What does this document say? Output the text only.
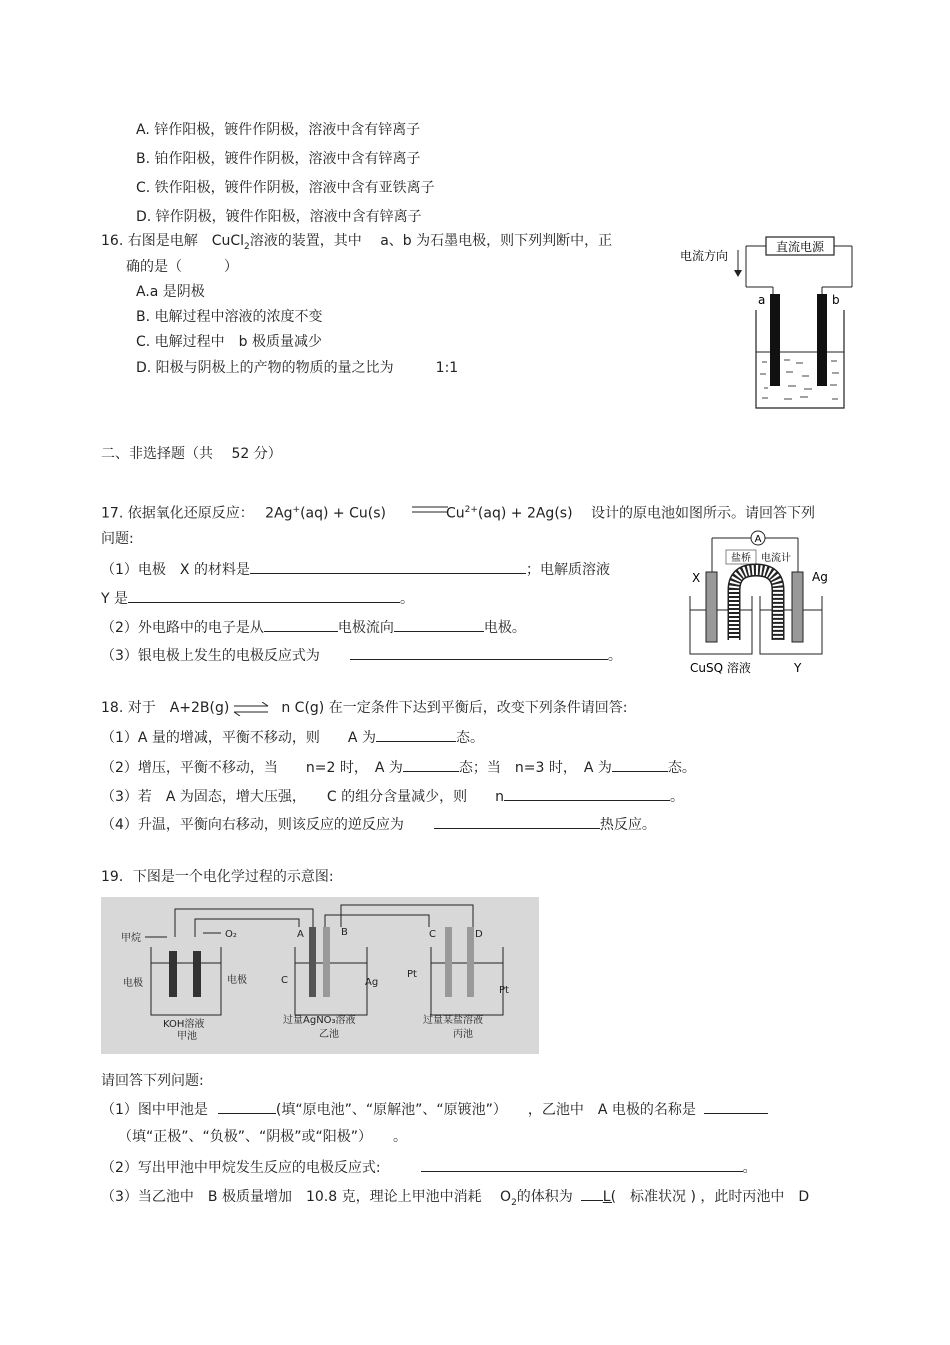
A. 锌作阳极，镀件作阴极，溶液中含有锌离子
B. 铂作阳极，镀件作阴极，溶液中含有锌离子
C. 铁作阳极，镀件作阴极，溶液中含有亚铁离子
D. 锌作阴极，镀件作阳极，溶液中含有锌离子
16. 右图是电解　CuCl$_2$溶液的装置，其中　 a、b 为石墨电极，则下列判断中，正
确的是（　　　）
A.a 是阴极
B. 电解过程中溶液的浓度不变
C. 电解过程中　b 极质量减少
D. 阳极与阴极上的产物的物质的量之比为　　　1:1
直流电源
电流方向
a	b
二、非选择题（共　 52 分）
17. 依据氧化还原反应：　 2Ag+(aq) + Cu(s)	$Cu^{2+}(aq) + 2Ag(s)$　 设计的原电池如图所示。请回答下列
问题:
（1）电极　X 的材料是	；电解质溶液
Y 是	。
（2）外电路中的电子是从	电极流向	电极。
（3）银电极上发生的电极反应式为	。
A
盐桥 电流计
X	Ag
CuSQ 溶液	Y
18. 对于　A+2B(g)	n C(g) 在一定条件下达到平衡后，改变下列条件请回答:
（1）A 量的增减，平衡不移动，则　　A 为	态。
（2）增压，平衡不移动，当　　n=2 时，　A 为	态；当　n=3 时，　A 为	态。
（3）若　A 为固态，增大压强，　　C 的组分含量减少，则　　n	。
（4）升温，平衡向右移动，则该反应的逆反应为	热反应。
19．下图是一个电化学过程的示意图:
甲烷	O₂
电极	电极
KOH溶液
甲池
A	B
C	Ag
过量AgNO₃溶液
乙池
C	D
Pt
Pt
过量某盐溶液
丙池
请回答下列问题:
（1）图中甲池是	(填“原电池”、“原解池”、“原镀池”）　　，乙池中　A 电极的名称是
（填“正极”、“负极”、“阴极”或“阳极”）　　。
（2）写出甲池中甲烷发生反应的电极反应式:	。
（3）当乙池中　B 极质量增加　10.8 克，理论上甲池中消耗　 $O_2$的体积为 L(　标准状况 ) ，此时丙池中　D
